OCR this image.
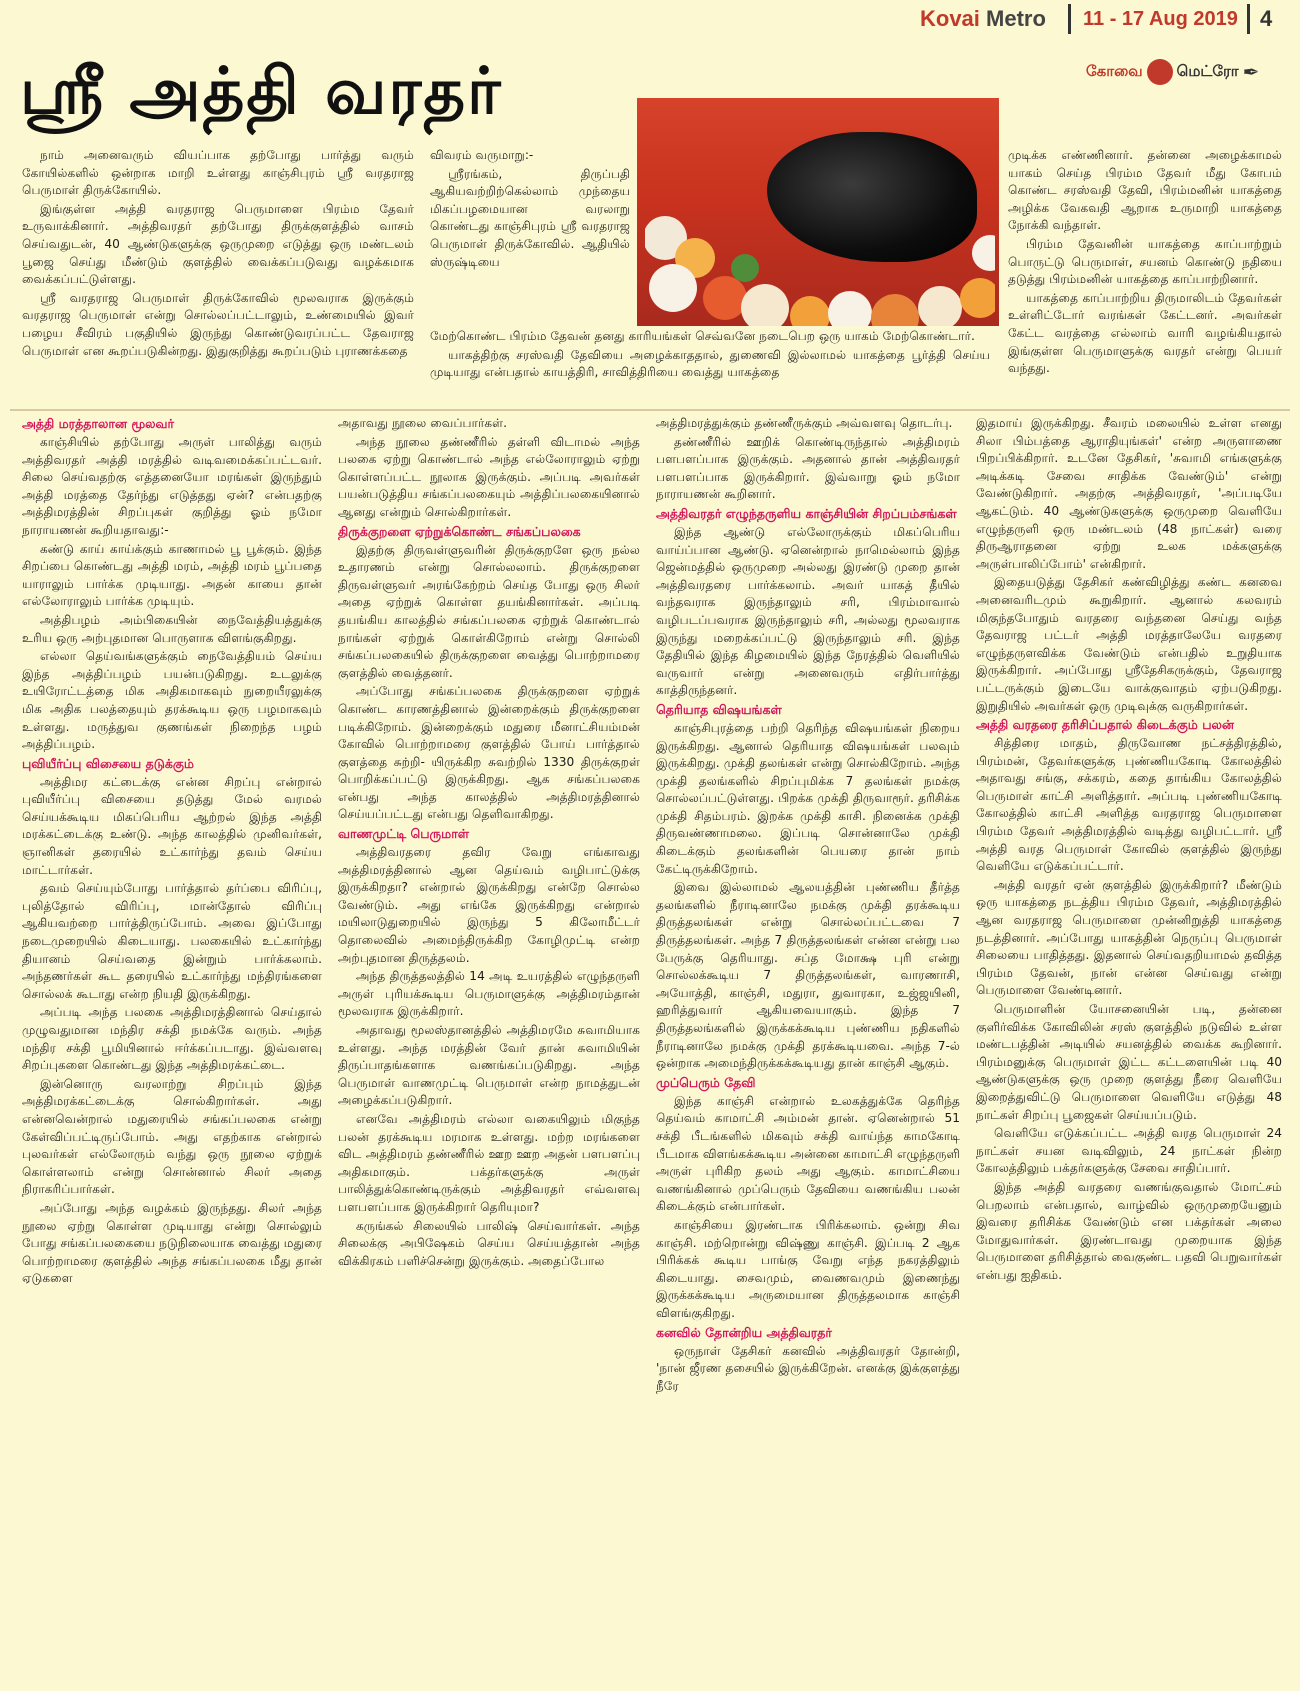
Kovai Metro 11 - 17 Aug 2019 4
ஸ்ரீ அத்தி வரதர்	கோவை மெட்ரோ ✒

நாம் அனைவரும் வியப்பாக தற்போது பார்த்து வரும் கோயில்களில் ஒன்றாக மாறி உள்ளது காஞ்சிபுரம் ஸ்ரீ வரதராஜ பெருமாள் திருக்கோயில்.

இங்குள்ள அத்தி வரதராஜ பெருமாளை பிரம்ம தேவர் உருவாக்கினார். அத்திவரதர் தற்போது திருக்குளத்தில் வாசம் செய்வதுடன், 40 ஆண்டுகளுக்கு ஒருமுறை எடுத்து ஒரு மண்டலம் பூஜை செய்து மீண்டும் குளத்தில் வைக்கப்படுவது வழக்கமாக வைக்கப்பட்டுள்ளது.

ஸ்ரீ வரதராஜ பெருமாள் திருக்கோவில் மூலவராக இருக்கும் வரதராஜ பெருமாள் என்று சொல்லப்பட்டாலும், உண்மையில் இவர் பழைய சீவிரம் பகுதியில் இருந்து கொண்டுவரப்பட்ட தேவராஜ பெருமாள் என கூறப்படுகின்றது. இதுகுறித்து கூறப்படும் புராணக்கதை

விவரம் வருமாறு:-

ஸ்ரீரங்கம், திருப்பதி ஆகியவற்றிற்கெல்லாம் முந்தைய மிகப்பழமையான வரலாறு கொண்டது காஞ்சிபுரம் ஸ்ரீ வரதராஜ பெருமாள் திருக்கோவில். ஆதியில் ஸ்ருஷ்டியை

மேற்கொண்ட பிரம்ம தேவன் தனது காரியங்கள் செவ்வனே நடைபெற ஒரு யாகம் மேற்கொண்டார்.

யாகத்திற்கு சரஸ்வதி தேவியை அழைக்காததால், துணைவி இல்லாமல் யாகத்தை பூர்த்தி செய்ய முடியாது என்பதால் காயத்திரி, சாவித்திரியை வைத்து யாகத்தை

முடிக்க எண்ணினார். தன்னை அழைக்காமல் யாகம் செய்த பிரம்ம தேவர் மீது கோபம் கொண்ட சரஸ்வதி தேவி, பிரம்மனின் யாகத்தை அழிக்க வேகவதி ஆறாக உருமாறி யாகத்தை நோக்கி வந்தாள்.

பிரம்ம தேவனின் யாகத்தை காப்பாற்றும் பொருட்டு பெருமாள், சயனம் கொண்டு நதியை தடுத்து பிரம்மனின் யாகத்தை காப்பாற்றினார்.

யாகத்தை காப்பாற்றிய திருமாலிடம் தேவர்கள் உள்ளிட்டோர் வரங்கள் கேட்டனர். அவர்கள் கேட்ட வரத்தை எல்லாம் வாரி வழங்கியதால் இங்குள்ள பெருமாளுக்கு வரதர் என்று பெயர் வந்தது.

அத்தி மரத்தாலான மூலவர்

காஞ்சியில் தற்போது அருள் பாலித்து வரும் அத்திவரதர் அத்தி மரத்தில் வடிவமைக்கப்பட்டவர். சிலை செய்வதற்கு எத்தனையோ மரங்கள் இருந்தும் அத்தி மரத்தை தேர்ந்து எடுத்தது ஏன்? என்பதற்கு அத்திமரத்தின் சிறப்புகள் குறித்து ஓம் நமோ நாராயணன் கூறியதாவது:-

கண்டு காய் காய்க்கும் காணாமல் பூ பூக்கும். இந்த சிறப்பை கொண்டது அத்தி மரம், அத்தி மரம் பூப்பதை யாராலும் பார்க்க முடியாது. அதன் காயை தான் எல்லோராலும் பார்க்க முடியும்.

அத்திபழம் அம்பிகையின் நைவேத்தியத்துக்கு உரிய ஒரு அற்புதமான பொருளாக விளங்குகிறது.

எல்லா தெய்வங்களுக்கும் நைவேத்தியம் செய்ய இந்த அத்திப்பழம் பயன்படுகிறது. உடலுக்கு உயிரோட்டத்தை மிக அதிகமாகவும் நுறையீரலுக்கு மிக அதிக பலத்தையும் தரக்கூடிய ஒரு பழமாகவும் உள்ளது. மருத்துவ குணங்கள் நிறைந்த பழம் அத்திப்பழம்.

புவியீர்ப்பு விசையை தடுக்கும்

அத்திமர கட்டைக்கு என்ன சிறப்பு என்றால் புவியீர்ப்பு விசையை தடுத்து மேல் வரமல் செய்யக்கூடிய மிகப்பெரிய ஆற்றல் இந்த அத்தி மரக்கட்டைக்கு உண்டு. அந்த காலத்தில் முனிவர்கள், ஞானிகள் தரையில் உட்கார்ந்து தவம் செய்ய மாட்டார்கள்.

தவம் செய்யும்போது பார்த்தால் தர்ப்பை விரிப்பு, புலித்தோல் விரிப்பு, மான்தோல் விரிப்பு ஆகியவற்றை பார்த்திருப்போம். அவை இப்போது நடைமுறையில் கிடையாது. பலகையில் உட்கார்ந்து தியானம் செய்வதை இன்றும் பார்க்கலாம். அந்தணர்கள் கூட தரையில் உட்கார்ந்து மந்திரங்களை சொல்லக் கூடாது என்ற நியதி இருக்கிறது.

அப்படி அந்த பலகை அத்திமரத்தினால் செய்தால் முழுவதுமான மந்திர சக்தி நமக்கே வரும். அந்த மந்திர சக்தி பூமியினால் ஈர்க்கப்படாது. இவ்வளவு சிறப்புகளை கொண்டது இந்த அத்திமரக்கட்டை.

இன்னொரு வரலாற்று சிறப்பும் இந்த அத்திமரக்கட்டைக்கு சொல்கிறார்கள். அது என்னவென்றால் மதுரையில் சங்கப்பலகை என்று கேள்விப்பட்டிருப்போம். அது எதற்காக என்றால் புலவர்கள் எல்லோரும் வந்து ஒரு நூலை ஏற்றுக் கொள்ளலாம் என்று சொன்னால் சிலர் அதை நிராகரிப்பார்கள்.

அப்போது அந்த வழக்கம் இருந்தது. சிலர் அந்த நூலை ஏற்று கொள்ள முடியாது என்று சொல்லும் போது சங்கப்பலகையை நடுநிலையாக வைத்து மதுரை பொற்றாமரை குளத்தில் அந்த சங்கப்பலகை மீது தான் ஏடுகளை

அதாவது நூலை வைப்பார்கள்.

அந்த நூலை தண்ணீரில் தள்ளி விடாமல் அந்த பலகை ஏற்று கொண்டால் அந்த எல்லோராலும் ஏற்று கொள்ளப்பட்ட நூலாக இருக்கும். அப்படி அவர்கள் பயன்படுத்திய சங்கப்பலகையும் அத்திப்பலகையினால் ஆனது என்றும் சொல்கிறார்கள்.

திருக்குறளை ஏற்றுக்கொண்ட சங்கப்பலகை

இதற்கு திருவள்ளுவரின் திருக்குறளே ஒரு நல்ல உதாரணம் என்று சொல்லலாம். திருக்குறளை திருவள்ளுவர் அரங்கேற்றம் செய்த போது ஒரு சிலர் அதை ஏற்றுக் கொள்ள தயங்கினார்கள். அப்படி தயங்கிய காலத்தில் சங்கப்பலகை ஏற்றுக் கொண்டால் நாங்கள் ஏற்றுக் கொள்கிறோம் என்று சொல்லி சங்கப்பலகையில் திருக்குறளை வைத்து பொற்றாமரை குளத்தில் வைத்தனர்.

அப்போது சங்கப்பலகை திருக்குறளை ஏற்றுக் கொண்ட காரணத்தினால் இன்றைக்கும் திருக்குறளை படிக்கிறோம். இன்றைக்கும் மதுரை மீனாட்சியம்மன் கோவில் பொற்றாமரை குளத்தில் போய் பார்த்தால் குளத்தை சுற்றி- யிருக்கிற சுவற்றில் 1330 திருக்குறள் பொறிக்கப்பட்டு இருக்கிறது. ஆக சங்கப்பலகை என்பது அந்த காலத்தில் அத்திமரத்தினால் செய்யப்பட்டது என்பது தெளிவாகிறது.

வாணமுட்டி பெருமாள்

அத்திவரதரை தவிர வேறு எங்காவது அத்திமரத்தினால் ஆன தெய்வம் வழிபாட்டுக்கு இருக்கிறதா? என்றால் இருக்கிறது என்றே சொல்ல வேண்டும். அது எங்கே இருக்கிறது என்றால் மயிலாடுதுறையில் இருந்து 5 கிலோமீட்டர் தொலைவில் அமைந்திருக்கிற கோழிமுட்டி என்ற அற்புதமான திருத்தலம்.

அந்த திருத்தலத்தில் 14 அடி உயரத்தில் எழுந்தருளி அருள் புரியக்கூடிய பெருமாளுக்கு அத்திமரம்தான் மூலவராக இருக்கிறார்.

அதாவது மூலஸ்தானத்தில் அத்திமரமே சுவாமியாக உள்ளது. அந்த மரத்தின் வேர் தான் சுவாமியின் திருப்பாதங்களாக வணங்கப்படுகிறது. அந்த பெருமாள் வாணமுட்டி பெருமாள் என்ற நாமத்துடன் அழைக்கப்படுகிறார்.

எனவே அத்திமரம் எல்லா வகையிலும் மிகுந்த பலன் தரக்கூடிய மரமாக உள்ளது. மற்ற மரங்களை விட அத்திமரம் தண்ணீரில் ஊற ஊற அதன் பளபளப்பு அதிகமாகும். பக்தர்களுக்கு அருள் பாலித்துக்கொண்டிருக்கும் அத்திவரதர் எவ்வளவு பளபளப்பாக இருக்கிறார் தெரியுமா?

கருங்கல் சிலையில் பாலிஷ் செய்வார்கள். அந்த சிலைக்கு அபிஷேகம் செய்ய செய்யத்தான் அந்த விக்கிரகம் பளிச்சென்று இருக்கும். அதைப்போல

அத்திமரத்துக்கும் தண்ணீருக்கும் அவ்வளவு தொடர்பு.

தண்ணீரில் ஊறிக் கொண்டிருந்தால் அத்திமரம் பளபளப்பாக இருக்கும். அதனால் தான் அத்திவரதர் பளபளப்பாக இருக்கிறார். இவ்வாறு ஓம் நமோ நாராயணன் கூறினார்.

அத்திவரதர் எழுந்தருளிய காஞ்சியின் சிறப்பம்சங்கள்

இந்த ஆண்டு எல்லோருக்கும் மிகப்பெரிய வாய்ப்பான ஆண்டு. ஏனென்றால் நாமெல்லாம் இந்த ஜென்மத்தில் ஒருமுறை அல்லது இரண்டு முறை தான் அத்திவரதரை பார்க்கலாம். அவர் யாகத் தீயில் வந்தவராக இருந்தாலும் சரி, பிரம்மாவால் வழிபடப்பவராக இருந்தாலும் சரி, அல்லது மூலவராக இருந்து மறைக்கப்பட்டு இருந்தாலும் சரி. இந்த தேதியில் இந்த கிழமையில் இந்த நேரத்தில் வெளியில் வருவார் என்று அனைவரும் எதிர்பார்த்து காத்திருந்தனர்.

தெரியாத விஷயங்கள்

காஞ்சிபுரத்தை பற்றி தெரிந்த விஷயங்கள் நிறைய இருக்கிறது. ஆனால் தெரியாத விஷயங்கள் பலவும் இருக்கிறது. முக்தி தலங்கள் என்று சொல்கிறோம். அந்த முக்தி தலங்களில் சிறப்புமிக்க 7 தலங்கள் நமக்கு சொல்லப்பட்டுள்ளது. பிறக்க முக்தி திருவாரூர். தரிசிக்க முக்தி சிதம்பரம். இறக்க முக்தி காசி. நினைக்க முக்தி திருவண்ணாமலை. இப்படி சொன்னாலே முக்தி கிடைக்கும் தலங்களின் பெயரை தான் நாம் கேட்டிருக்கிறோம்.

இவை இல்லாமல் ஆலயத்தின் புண்ணிய தீர்த்த தலங்களில் நீராடினாலே நமக்கு முக்தி தரக்கூடிய திருத்தலங்கள் என்று சொல்லப்பட்டவை 7 திருத்தலங்கள். அந்த 7 திருத்தலங்கள் என்ன என்று பல பேருக்கு தெரியாது. சப்த மோக்ஷ புரி என்று சொல்லக்கூடிய 7 திருத்தலங்கள், வாரணாசி, அயோத்தி, காஞ்சி, மதுரா, துவாரகா, உஜ்ஜயினி, ஹரித்துவார் ஆகியவையாகும். இந்த 7 திருத்தலங்களில் இருக்கக்கூடிய புண்ணிய நதிகளில் நீராடினாலே நமக்கு முக்தி தரக்கூடியவை. அந்த 7-ல் ஒன்றாக அமைந்திருக்கக்கூடியது தான் காஞ்சி ஆகும்.

முப்பெரும் தேவி

இந்த காஞ்சி என்றால் உலகத்துக்கே தெரிந்த தெய்வம் காமாட்சி அம்மன் தான். ஏனென்றால் 51 சக்தி பீடங்களில் மிகவும் சக்தி வாய்ந்த காமகோடி பீடமாக விளங்கக்கூடிய அன்னை காமாட்சி எழுந்தருளி அருள் புரிகிற தலம் அது ஆகும். காமாட்சியை வணங்கினால் முப்பெரும் தேவியை வணங்கிய பலன் கிடைக்கும் என்பார்கள்.

காஞ்சியை இரண்டாக பிரிக்கலாம். ஒன்று சிவ காஞ்சி. மற்றொன்று விஷ்ணு காஞ்சி. இப்படி 2 ஆக பிரிக்கக் கூடிய பாங்கு வேறு எந்த நகரத்திலும் கிடையாது. சைவமும், வைணவமும் இணைந்து இருக்கக்கூடிய அருமையான திருத்தலமாக காஞ்சி விளங்குகிறது.

கனவில் தோன்றிய அத்திவரதர்

ஒருநாள் தேசிகர் கனவில் அத்திவரதர் தோன்றி, 'நான் ஜீரண தசையில் இருக்கிறேன். எனக்கு இக்குளத்து நீரே

இதமாய் இருக்கிறது. சீவரம் மலையில் உள்ள எனது சிலா பிம்பத்தை ஆராதியுங்கள்' என்ற அருளாணை பிறப்பிக்கிறார். உடனே தேசிகர், 'சுவாமி எங்களுக்கு அடிக்கடி சேவை சாதிக்க வேண்டும்' என்று வேண்டுகிறார். அதற்கு அத்திவரதர், 'அப்படியே ஆகட்டும். 40 ஆண்டுகளுக்கு ஒருமுறை வெளியே எழுந்தருளி ஒரு மண்டலம் (48 நாட்கள்) வரை திருஆராதனை ஏற்று உலக மக்களுக்கு அருள்பாலிப்போம்' என்கிறார்.

இதையடுத்து தேசிகர் கண்விழித்து கண்ட கனவை அனைவரிடமும் கூறுகிறார். ஆனால் கலவரம் மிகுந்தபோதும் வரதரை வந்தனை செய்து வந்த தேவராஜ பட்டர் அத்தி மரத்தாலேயே வரதரை எழுந்தருளவிக்க வேண்டும் என்பதில் உறுதியாக இருக்கிறார். அப்போது ஸ்ரீதேசிகருக்கும், தேவராஜ பட்டருக்கும் இடையே வாக்குவாதம் ஏற்படுகிறது. இறுதியில் அவர்கள் ஒரு முடிவுக்கு வருகிறார்கள்.

அத்தி வரதரை தரிசிப்பதால் கிடைக்கும் பலன்

சித்திரை மாதம், திருவோண நட்சத்திரத்தில், பிரம்மன், தேவர்களுக்கு புண்ணியகோடி கோலத்தில் அதாவது சங்கு, சக்கரம், கதை தாங்கிய கோலத்தில் பெருமாள் காட்சி அளித்தார். அப்படி புண்ணியகோடி கோலத்தில் காட்சி அளித்த வரதராஜ பெருமாளை பிரம்ம தேவர் அத்திமரத்தில் வடித்து வழிபட்டார். ஸ்ரீ அத்தி வரத பெருமாள் கோவில் குளத்தில் இருந்து வெளியே எடுக்கப்பட்டார்.

அத்தி வரதர் ஏன் குளத்தில் இருக்கிறார்? மீண்டும் ஒரு யாகத்தை நடத்திய பிரம்ம தேவர், அத்திமரத்தில் ஆன வரதராஜ பெருமாளை முன்னிறுத்தி யாகத்தை நடத்தினார். அப்போது யாகத்தின் நெருப்பு பெருமாள் சிலையை பாதித்தது. இதனால் செய்வதறியாமல் தவித்த பிரம்ம தேவன், நான் என்ன செய்வது என்று பெருமாளை வேண்டினார்.

பெருமாளின் யோசனையின் படி, தன்னை குளிர்விக்க கோவிலின் சரஸ் குளத்தில் நடுவில் உள்ள மண்டபத்தின் அடியில் சயனத்தில் வைக்க கூறினார். பிரம்மனுக்கு பெருமாள் இட்ட கட்டளையின் படி 40 ஆண்டுகளுக்கு ஒரு முறை குளத்து நீரை வெளியே இறைத்துவிட்டு பெருமாளை வெளியே எடுத்து 48 நாட்கள் சிறப்பு பூஜைகள் செய்யப்படும்.

வெளியே எடுக்கப்பட்ட அத்தி வரத பெருமாள் 24 நாட்கள் சயன வடிவிலும், 24 நாட்கள் நின்ற கோலத்திலும் பக்தர்களுக்கு சேவை சாதிப்பார்.

இந்த அத்தி வரதரை வணங்குவதால் மோட்சம் பெறலாம் என்பதால், வாழ்வில் ஒருமுறையேனும் இவரை தரிசிக்க வேண்டும் என பக்தர்கள் அலை மோதுவார்கள். இரண்டாவது முறையாக இந்த பெருமாளை தரிசித்தால் வைகுண்ட பதவி பெறுவார்கள் என்பது ஐதிகம்.
